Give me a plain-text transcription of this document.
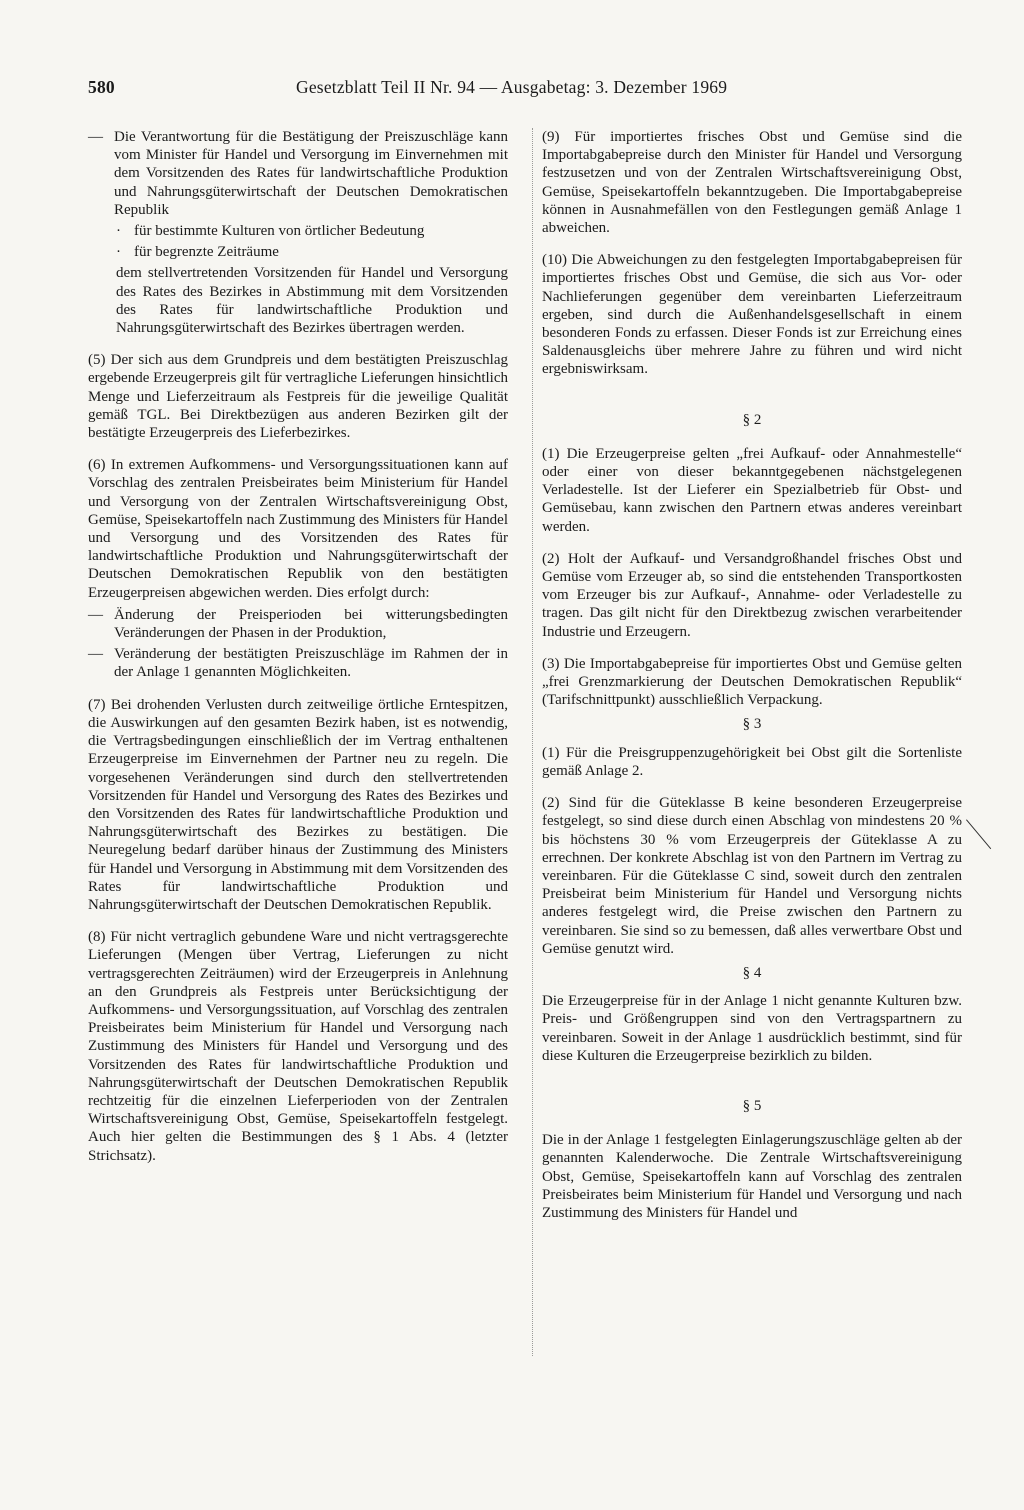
580	Gesetzblatt Teil II Nr. 94 — Ausgabetag: 3. Dezember 1969
— Die Verantwortung für die Bestätigung der Preiszuschläge kann vom Minister für Handel und Versorgung im Einvernehmen mit dem Vorsitzenden des Rates für landwirtschaftliche Produktion und Nahrungsgüterwirtschaft der Deutschen Demokratischen Republik
· für bestimmte Kulturen von örtlicher Bedeutung
· für begrenzte Zeiträume

dem stellvertretenden Vorsitzenden für Handel und Versorgung des Rates des Bezirkes in Abstimmung mit dem Vorsitzenden des Rates für landwirtschaftliche Produktion und Nahrungsgüterwirtschaft des Bezirkes übertragen werden.

(5) Der sich aus dem Grundpreis und dem bestätigten Preiszuschlag ergebende Erzeugerpreis gilt für vertragliche Lieferungen hinsichtlich Menge und Lieferzeitraum als Festpreis für die jeweilige Qualität gemäß TGL. Bei Direktbezügen aus anderen Bezirken gilt der bestätigte Erzeugerpreis des Lieferbezirkes.

(6) In extremen Aufkommens- und Versorgungssituationen kann auf Vorschlag des zentralen Preisbeirates beim Ministerium für Handel und Versorgung von der Zentralen Wirtschaftsvereinigung Obst, Gemüse, Speisekartoffeln nach Zustimmung des Ministers für Handel und Versorgung und des Vorsitzenden des Rates für landwirtschaftliche Produktion und Nahrungsgüterwirtschaft der Deutschen Demokratischen Republik von den bestätigten Erzeugerpreisen abgewichen werden. Dies erfolgt durch:

— Änderung der Preisperioden bei witterungsbedingten Veränderungen der Phasen in der Produktion,
— Veränderung der bestätigten Preiszuschläge im Rahmen der in der Anlage 1 genannten Möglichkeiten.

(7) Bei drohenden Verlusten durch zeitweilige örtliche Erntespitzen, die Auswirkungen auf den gesamten Bezirk haben, ist es notwendig, die Vertragsbedingungen einschließlich der im Vertrag enthaltenen Erzeugerpreise im Einvernehmen der Partner neu zu regeln. Die vorgesehenen Veränderungen sind durch den stellvertretenden Vorsitzenden für Handel und Versorgung des Rates des Bezirkes und den Vorsitzenden des Rates für landwirtschaftliche Produktion und Nahrungsgüterwirtschaft des Bezirkes zu bestätigen. Die Neuregelung bedarf darüber hinaus der Zustimmung des Ministers für Handel und Versorgung in Abstimmung mit dem Vorsitzenden des Rates für landwirtschaftliche Produktion und Nahrungsgüterwirtschaft der Deutschen Demokratischen Republik.

(8) Für nicht vertraglich gebundene Ware und nicht vertragsgerechte Lieferungen (Mengen über Vertrag, Lieferungen zu nicht vertragsgerechten Zeiträumen) wird der Erzeugerpreis in Anlehnung an den Grundpreis als Festpreis unter Berücksichtigung der Aufkommens- und Versorgungssituation, auf Vorschlag des zentralen Preisbeirates beim Ministerium für Handel und Versorgung nach Zustimmung des Ministers für Handel und Versorgung und des Vorsitzenden des Rates für landwirtschaftliche Produktion und Nahrungsgüterwirtschaft der Deutschen Demokratischen Republik rechtzeitig für die einzelnen Lieferperioden von der Zentralen Wirtschaftsvereinigung Obst, Gemüse, Speisekartoffeln festgelegt. Auch hier gelten die Bestimmungen des § 1 Abs. 4 (letzter Strichsatz).

(9) Für importiertes frisches Obst und Gemüse sind die Importabgabepreise durch den Minister für Handel und Versorgung festzusetzen und von der Zentralen Wirtschaftsvereinigung Obst, Gemüse, Speisekartoffeln bekanntzugeben. Die Importabgabepreise können in Ausnahmefällen von den Festlegungen gemäß Anlage 1 abweichen.

(10) Die Abweichungen zu den festgelegten Importabgabepreisen für importiertes frisches Obst und Gemüse, die sich aus Vor- oder Nachlieferungen gegenüber dem vereinbarten Lieferzeitraum ergeben, sind durch die Außenhandelsgesellschaft in einem besonderen Fonds zu erfassen. Dieser Fonds ist zur Erreichung eines Saldenausgleichs über mehrere Jahre zu führen und wird nicht ergebniswirksam.

§ 2

(1) Die Erzeugerpreise gelten „frei Aufkauf- oder Annahmestelle“ oder einer von dieser bekanntgegebenen nächstgelegenen Verladestelle. Ist der Lieferer ein Spezialbetrieb für Obst- und Gemüsebau, kann zwischen den Partnern etwas anderes vereinbart werden.

(2) Holt der Aufkauf- und Versandgroßhandel frisches Obst und Gemüse vom Erzeuger ab, so sind die entstehenden Transportkosten vom Erzeuger bis zur Aufkauf-, Annahme- oder Verladestelle zu tragen. Das gilt nicht für den Direktbezug zwischen verarbeitender Industrie und Erzeugern.

(3) Die Importabgabepreise für importiertes Obst und Gemüse gelten „frei Grenzmarkierung der Deutschen Demokratischen Republik“ (Tarifschnittpunkt) ausschließlich Verpackung.

§ 3

(1) Für die Preisgruppenzugehörigkeit bei Obst gilt die Sortenliste gemäß Anlage 2.

(2) Sind für die Güteklasse B keine besonderen Erzeugerpreise festgelegt, so sind diese durch einen Abschlag von mindestens 20 % bis höchstens 30 % vom Erzeugerpreis der Güteklasse A zu errechnen. Der konkrete Abschlag ist von den Partnern im Vertrag zu vereinbaren. Für die Güteklasse C sind, soweit durch den zentralen Preisbeirat beim Ministerium für Handel und Versorgung nichts anderes festgelegt wird, die Preise zwischen den Partnern zu vereinbaren. Sie sind so zu bemessen, daß alles verwertbare Obst und Gemüse genutzt wird.

§ 4

Die Erzeugerpreise für in der Anlage 1 nicht genannte Kulturen bzw. Preis- und Größengruppen sind von den Vertragspartnern zu vereinbaren. Soweit in der Anlage 1 ausdrücklich bestimmt, sind für diese Kulturen die Erzeugerpreise bezirklich zu bilden.

§ 5

Die in der Anlage 1 festgelegten Einlagerungszuschläge gelten ab der genannten Kalenderwoche. Die Zentrale Wirtschaftsvereinigung Obst, Gemüse, Speisekartoffeln kann auf Vorschlag des zentralen Preisbeirates beim Ministerium für Handel und Versorgung und nach Zustimmung des Ministers für Handel und
